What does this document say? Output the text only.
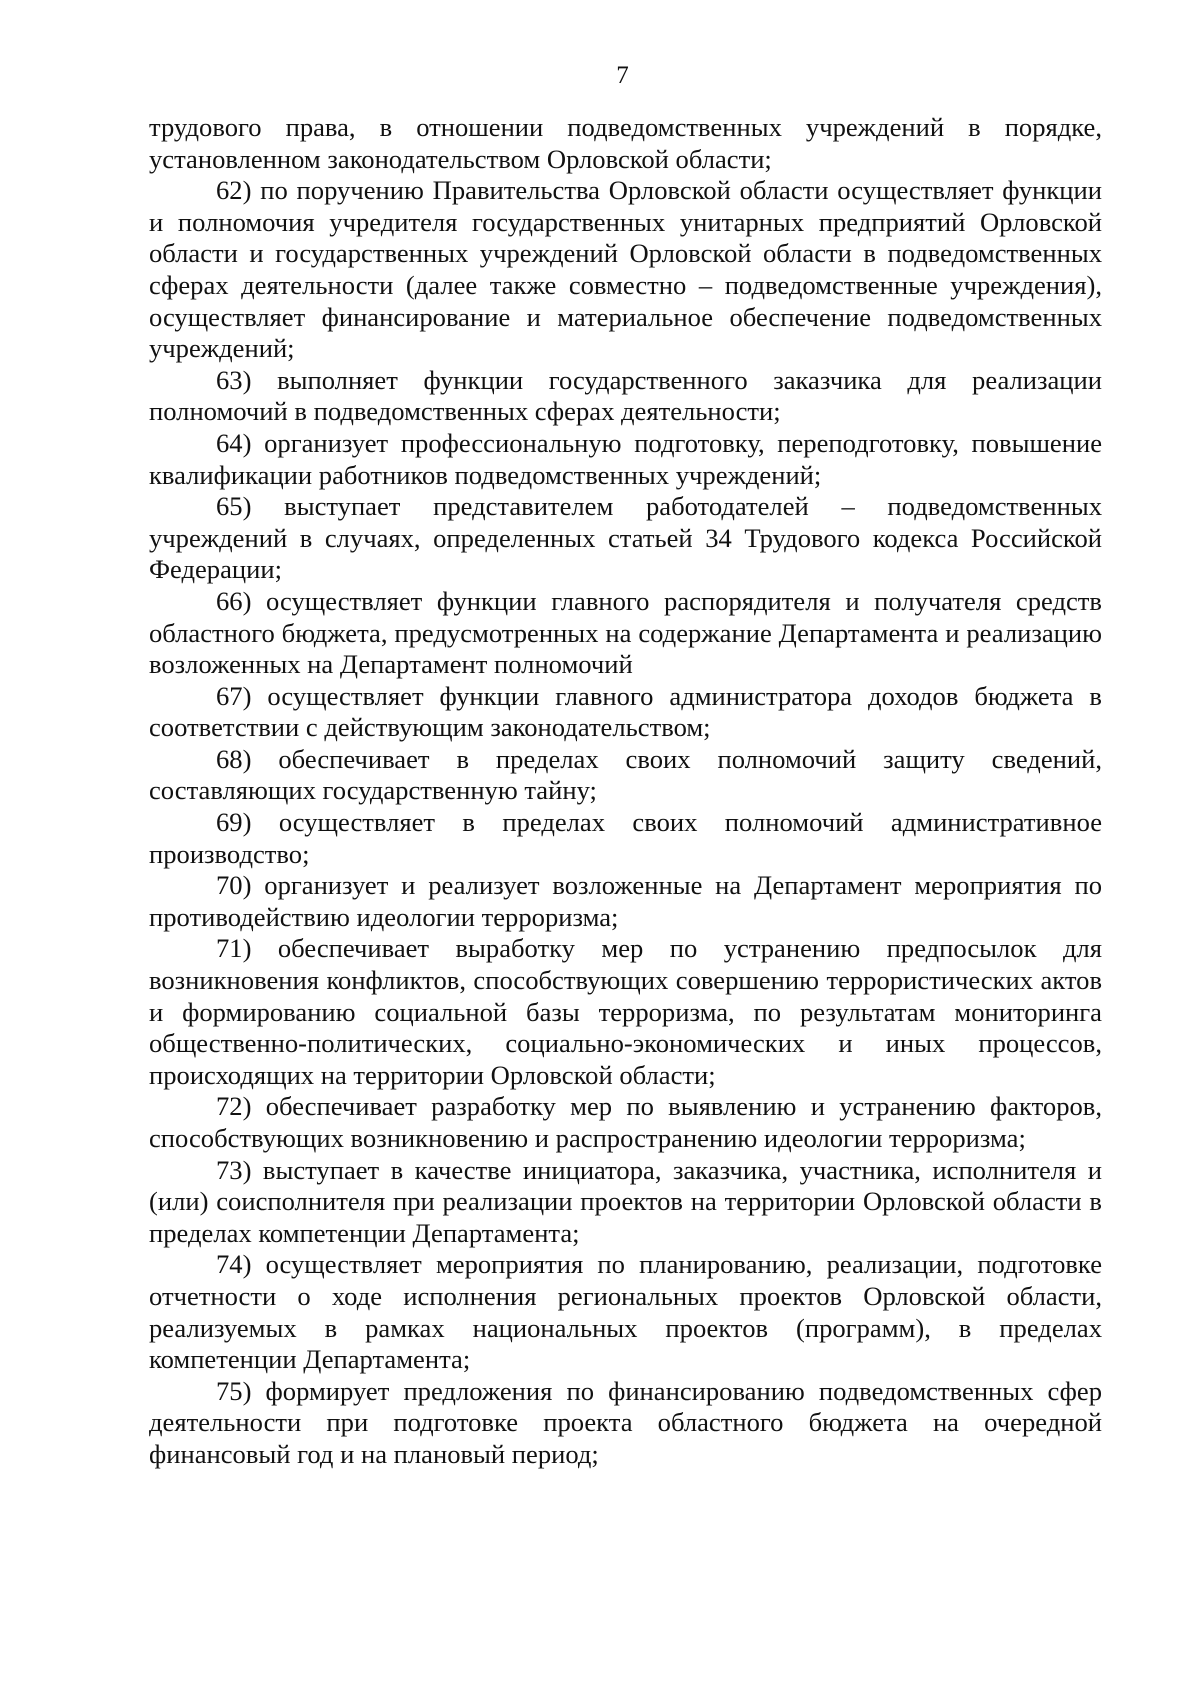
7

трудового права, в отношении подведомственных учреждений в порядке, установленном законодательством Орловской области;

62) по поручению Правительства Орловской области осуществляет функции и полномочия учредителя государственных унитарных предприятий Орловской области и государственных учреждений Орловской области в подведомственных сферах деятельности (далее также совместно – подведомственные учреждения), осуществляет финансирование и материальное обеспечение подведомственных учреждений;

63) выполняет функции государственного заказчика для реализации полномочий в подведомственных сферах деятельности;

64) организует профессиональную подготовку, переподготовку, повышение квалификации работников подведомственных учреждений;

65) выступает представителем работодателей – подведомственных учреждений в случаях, определенных статьей 34 Трудового кодекса Российской Федерации;

66) осуществляет функции главного распорядителя и получателя средств областного бюджета, предусмотренных на содержание Департамента и реализацию возложенных на Департамент полномочий

67) осуществляет функции главного администратора доходов бюджета в соответствии с действующим законодательством;

68) обеспечивает в пределах своих полномочий защиту сведений, составляющих государственную тайну;

69) осуществляет в пределах своих полномочий административное производство;

70) организует и реализует возложенные на Департамент мероприятия по противодействию идеологии терроризма;

71) обеспечивает выработку мер по устранению предпосылок для возникновения конфликтов, способствующих совершению террористических актов и формированию социальной базы терроризма, по результатам мониторинга общественно-политических, социально-экономических и иных процессов, происходящих на территории Орловской области;

72) обеспечивает разработку мер по выявлению и устранению факторов, способствующих возникновению и распространению идеологии терроризма;

73) выступает в качестве инициатора, заказчика, участника, исполнителя и (или) соисполнителя при реализации проектов на территории Орловской области в пределах компетенции Департамента;

74) осуществляет мероприятия по планированию, реализации, подготовке отчетности о ходе исполнения региональных проектов Орловской области, реализуемых в рамках национальных проектов (программ), в пределах компетенции Департамента;

75) формирует предложения по финансированию подведомственных сфер деятельности при подготовке проекта областного бюджета на очередной финансовый год и на плановый период;
